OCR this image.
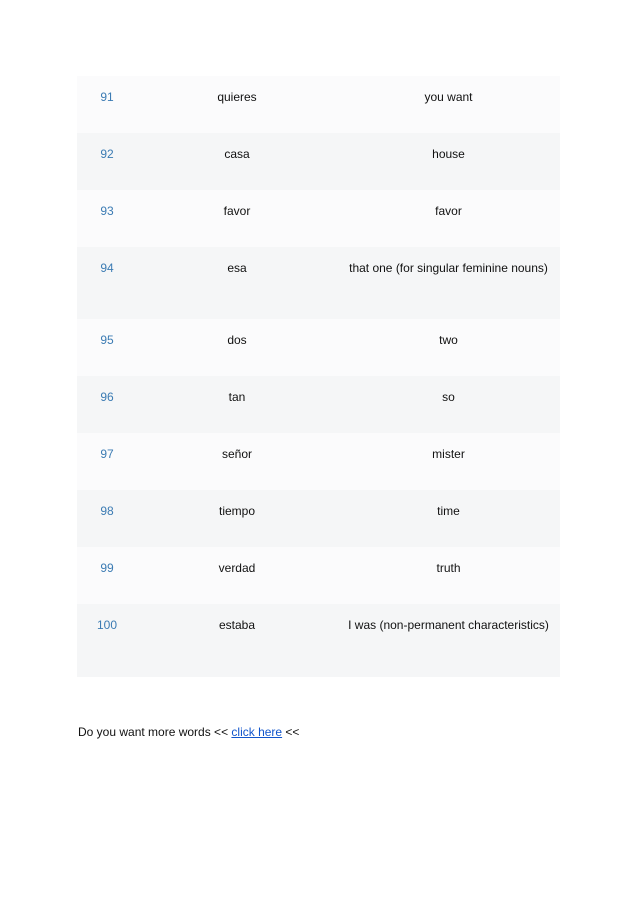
91	quieres	you want

92	casa	house

93	favor	favor

94	esa	that one (for singular feminine nouns)

95	dos	two

96	tan	so

97	señor	mister

98	tiempo	time

99	verdad	truth

100	estaba	I was (non-permanent characteristics)
Do you want more words << click here <<
